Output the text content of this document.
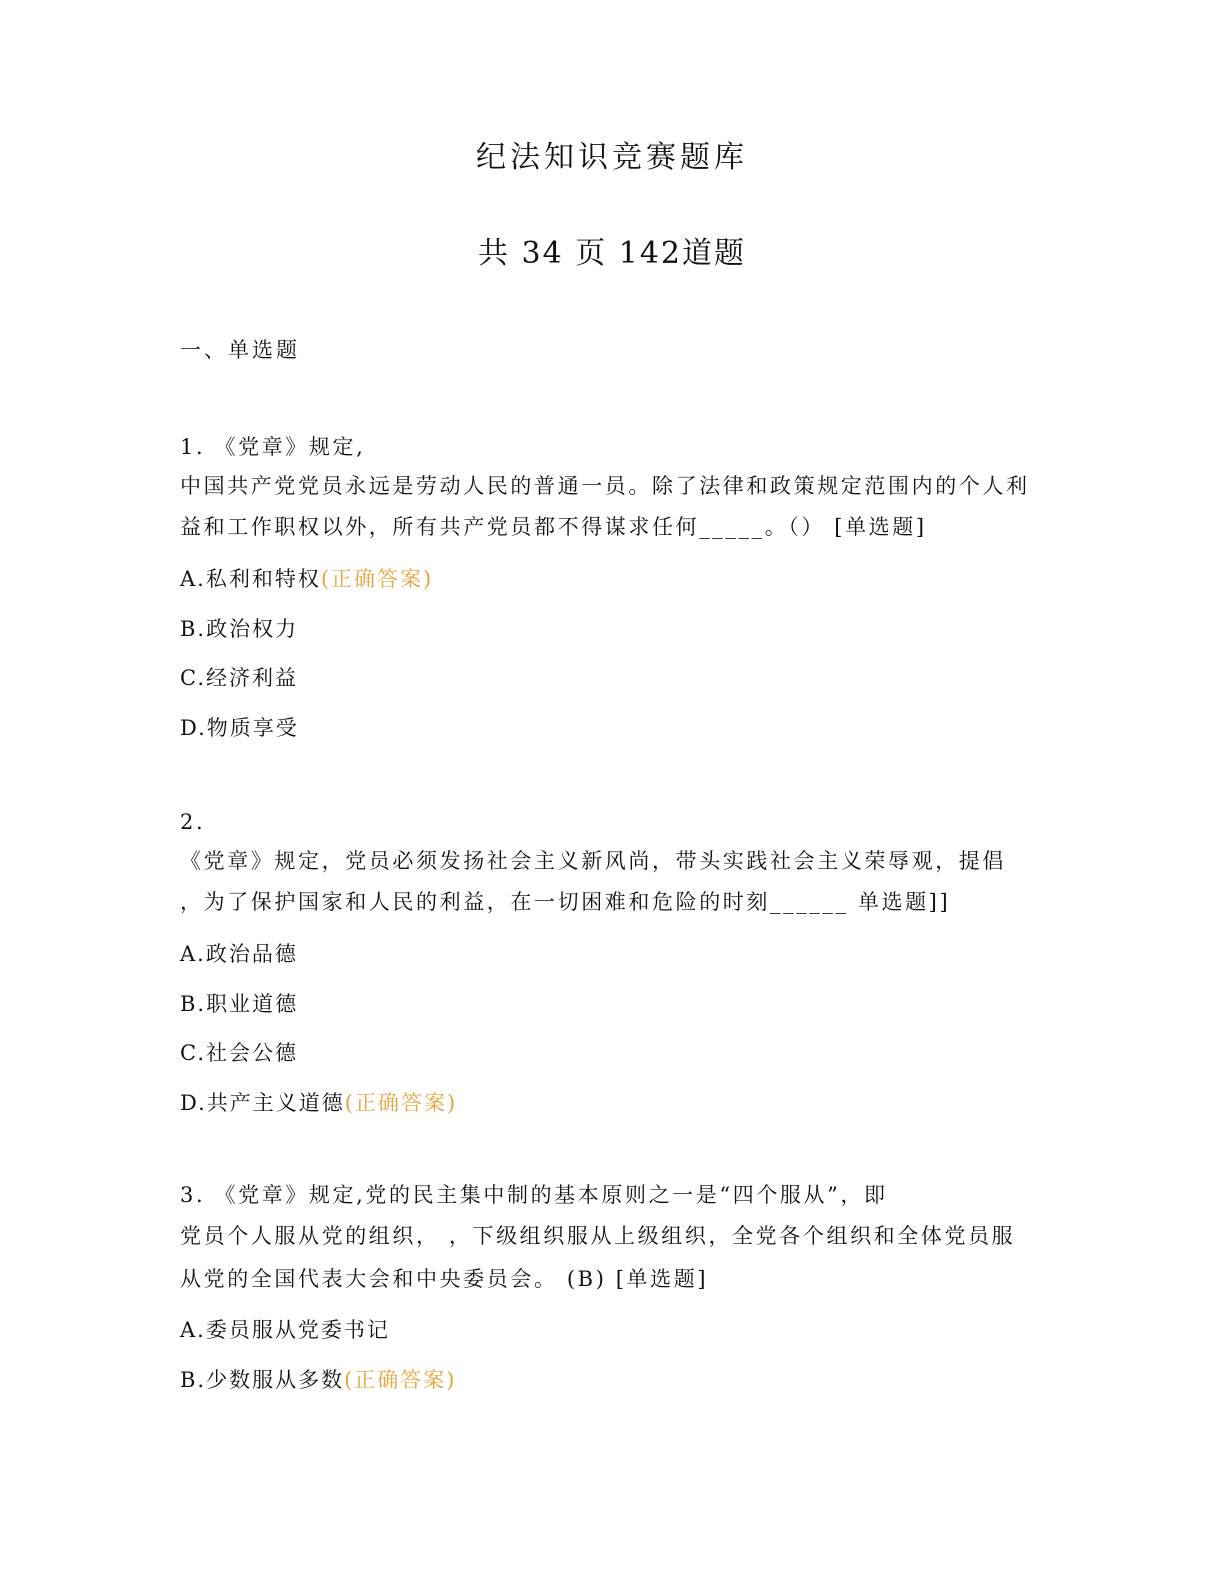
纪法知识竞赛题库
共 34 页 142道题
一、单选题
1. 《党章》规定,
中国共产党党员永远是劳动人民的普通一员。除了法律和政策规定范围内的个人利
益和工作职权以外，所有共产党员都不得谋求任何_____。（） [单选题]
A.私利和特权(正确答案)
B.政治权力
C.经济利益
D.物质享受
2.
《党章》规定，党员必须发扬社会主义新风尚，带头实践社会主义荣辱观，提倡
，为了保护国家和人民的利益，在一切困难和危险的时刻______ 单选题]]
A.政治品德
B.职业道德
C.社会公德
D.共产主义道德(正确答案)
3. 《党章》规定,党的民主集中制的基本原则之一是“四个服从”，即
党员个人服从党的组织， ，下级组织服从上级组织，全党各个组织和全体党员服
从党的全国代表大会和中央委员会。 (B) [单选题]
A.委员服从党委书记
B.少数服从多数(正确答案)
